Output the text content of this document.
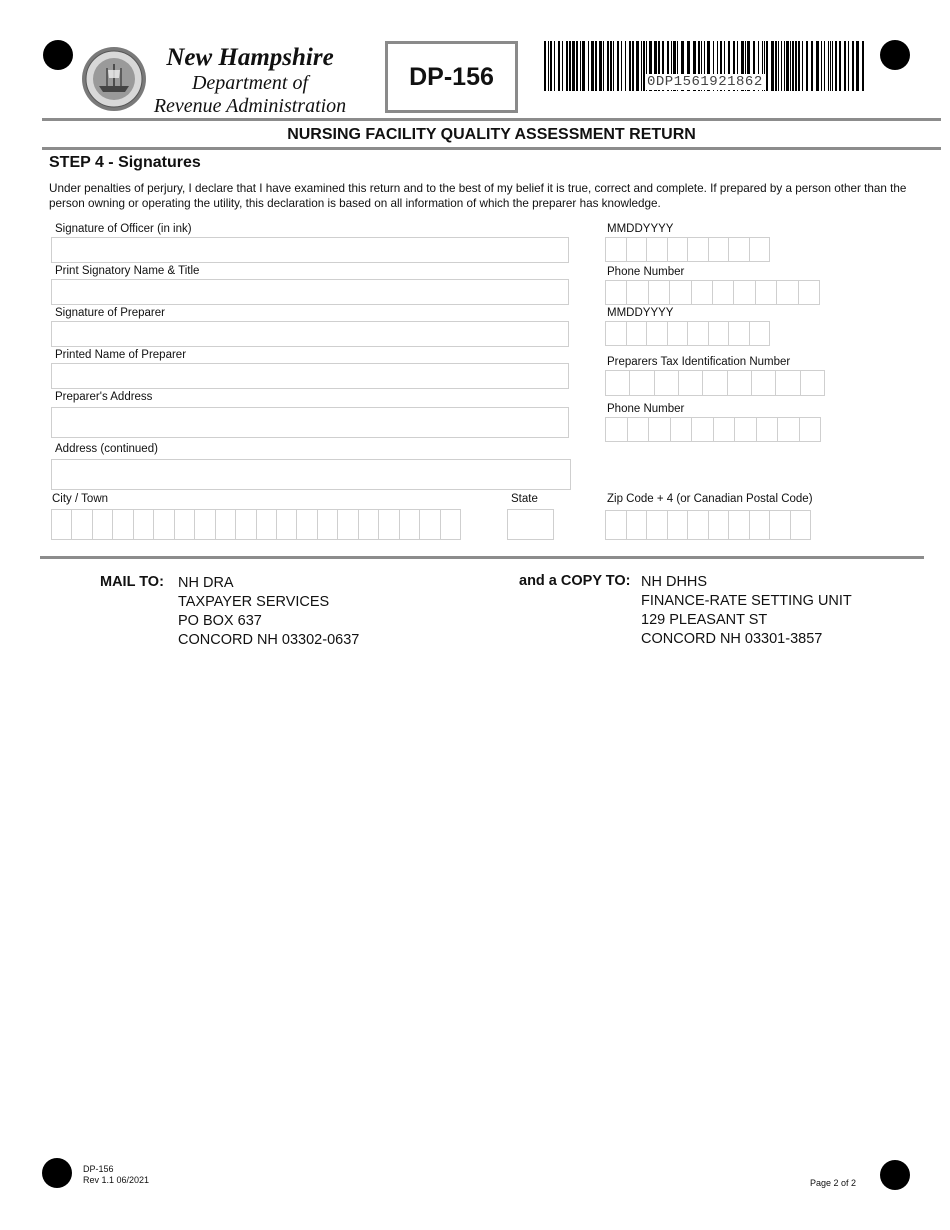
New Hampshire
Department of
Revenue Administration
DP-156	0DP1561921862
NURSING FACILITY QUALITY ASSESSMENT RETURN
STEP 4 - Signatures
Under penalties of perjury, I declare that I have examined this return and to the best of my belief it is true, correct and complete. If prepared by a person other than the person owning or operating the utility, this declaration is based on all information of which the preparer has knowledge.
Signature of Officer (in ink)
Print Signatory Name & Title
Signature of Preparer
Printed Name of Preparer
Preparer's Address
Address (continued)
City / Town	State
MMDDYYYY
Phone Number
MMDDYYYY
Preparers Tax Identification Number
Phone Number
Zip Code + 4 (or Canadian Postal Code)
MAIL TO: NH DRA
TAXPAYER SERVICES
PO BOX 637
CONCORD NH 03302-0637
and a COPY TO: NH DHHS
FINANCE-RATE SETTING UNIT
129 PLEASANT ST
CONCORD NH 03301-3857
DP-156
Rev 1.1 06/2021	Page 2 of 2
